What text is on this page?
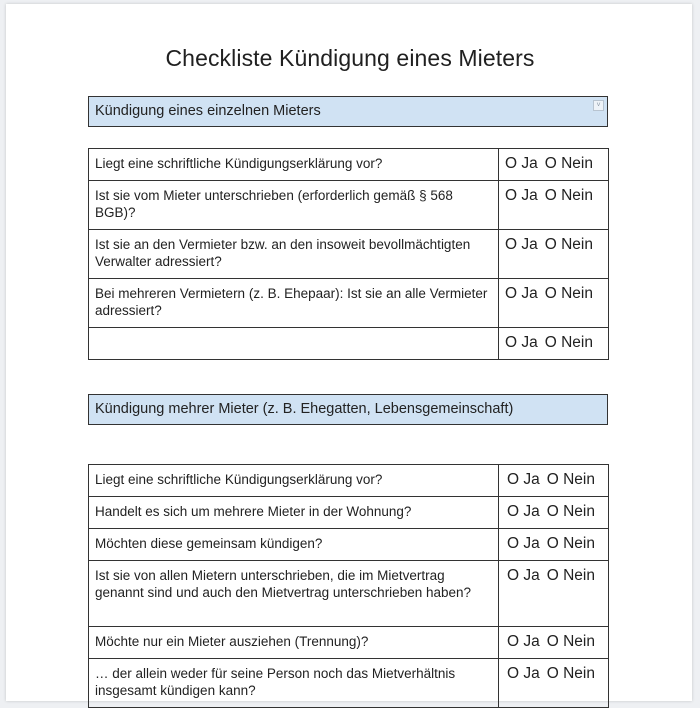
Checkliste Kündigung eines Mieters
Kündigung eines einzelnen Mieters	˅
Liegt eine schriftliche Kündigungserklärung vor?	O Ja O Nein
Ist sie vom Mieter unterschrieben (erforderlich gemäß § 568 BGB)?	O Ja O Nein
Ist sie an den Vermieter bzw. an den insoweit bevollmächtigten Verwalter adressiert?	O Ja O Nein
Bei mehreren Vermietern (z. B. Ehepaar): Ist sie an alle Vermieter adressiert?	O Ja O Nein
	O Ja O Nein
Kündigung mehrer Mieter (z. B. Ehegatten, Lebensgemeinschaft)
Liegt eine schriftliche Kündigungserklärung vor?	O Ja O Nein
Handelt es sich um mehrere Mieter in der Wohnung?	O Ja O Nein
Möchten diese gemeinsam kündigen?	O Ja O Nein
Ist sie von allen Mietern unterschrieben, die im Mietvertrag genannt sind und auch den Mietvertrag unterschrieben haben?	O Ja O Nein
Möchte nur ein Mieter ausziehen (Trennung)?	O Ja O Nein
… der allein weder für seine Person noch das Mietverhältnis insgesamt kündigen kann?	O Ja O Nein
